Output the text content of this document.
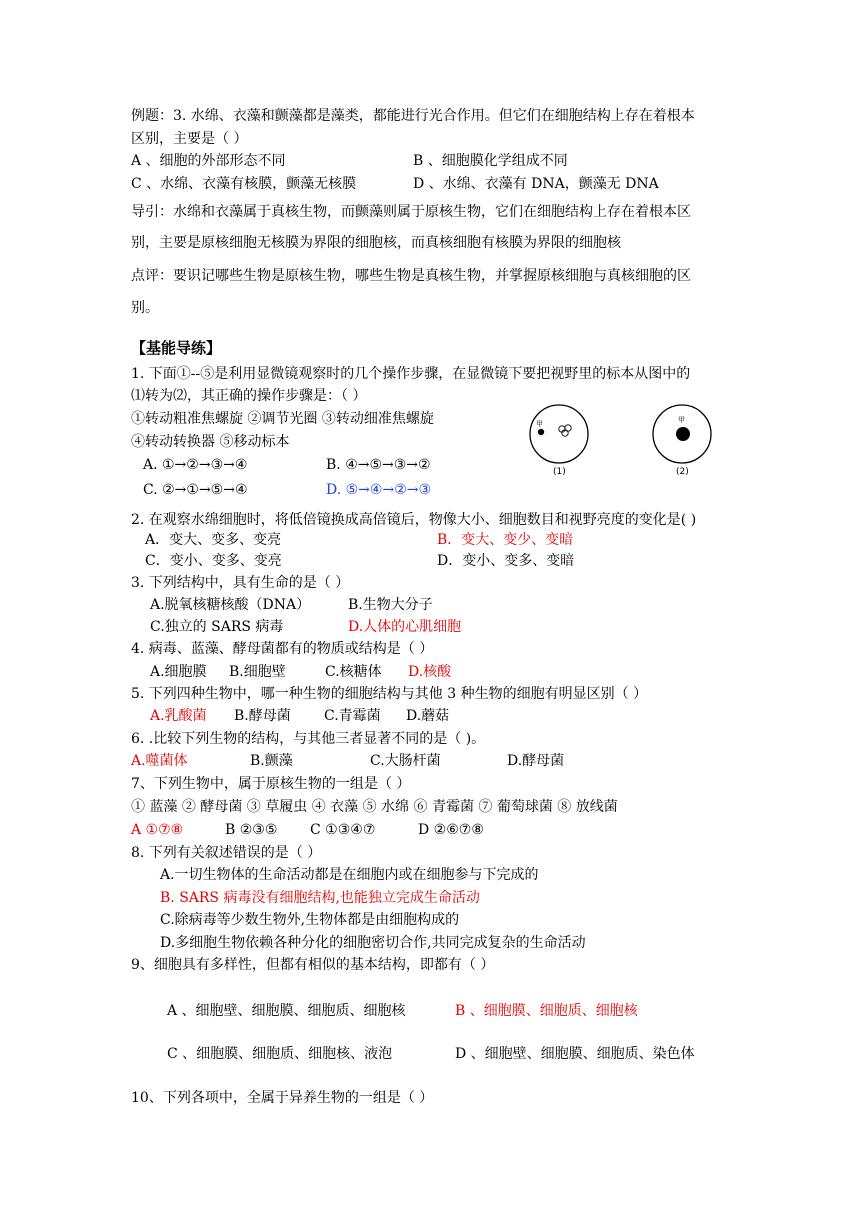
例题：3. 水绵、衣藻和颤藻都是藻类，都能进行光合作用。但它们在细胞结构上存在着根本
区别，主要是（ ）
A 、细胞的外部形态不同	B 、细胞膜化学组成不同
C 、水绵、衣藻有核膜，颤藻无核膜	D 、水绵、衣藻有 DNA，颤藻无 DNA
导引：水绵和衣藻属于真核生物，而颤藻则属于原核生物，它们在细胞结构上存在着根本区
别，主要是原核细胞无核膜为界限的细胞核，而真核细胞有核膜为界限的细胞核
点评：要识记哪些生物是原核生物，哪些生物是真核生物，并掌握原核细胞与真核细胞的区
别。
【基能导练】
1. 下面①--⑤是利用显微镜观察时的几个操作步骤，在显微镜下要把视野里的标本从图中的
⑴转为⑵，其正确的操作步骤是：（ ）
①转动粗准焦螺旋 ②调节光圈 ③转动细准焦螺旋
④转动转换器 ⑤移动标本
A. ①→②→③→④	B. ④→⑤→③→②
C. ②→①→⑤→④	D. ⑤→④→②→③
甲
(1)
甲
(2)
2. 在观察水绵细胞时，将低倍镜换成高倍镜后，物像大小、细胞数目和视野亮度的变化是( )
A．变大、变多、变亮	B．变大、变少、变暗
C．变小、变多、变亮	D．变小、变多、变暗
3. 下列结构中，具有生命的是（ ）
A.脱氧核糖核酸（DNA）	B.生物大分子
C.独立的 SARS 病毒	D.人体的心肌细胞
4. 病毒、蓝藻、酵母菌都有的物质或结构是（ ）
A.细胞膜 B.细胞壁	C.核糖体 D.核酸
5. 下列四种生物中，哪一种生物的细胞结构与其他 3 种生物的细胞有明显区别（ ）
A.乳酸菌 B.酵母菌 C.青霉菌 D.蘑菇
6. .比较下列生物的结构，与其他三者显著不同的是（ )。
A.噬菌体	B.颤藻	C.大肠杆菌	D.酵母菌
7、下列生物中，属于原核生物的一组是（ ）
① 蓝藻 ② 酵母菌 ③ 草履虫 ④ 衣藻 ⑤ 水绵 ⑥ 青霉菌 ⑦ 葡萄球菌 ⑧ 放线菌
A ①⑦⑧	B ②③⑤ C ①③④⑦	D ②⑥⑦⑧
8. 下列有关叙述错误的是（ ）
A.一切生物体的生命活动都是在细胞内或在细胞参与下完成的
B. SARS 病毒没有细胞结构,也能独立完成生命活动
C.除病毒等少数生物外,生物体都是由细胞构成的
D.多细胞生物依赖各种分化的细胞密切合作,共同完成复杂的生命活动
9、细胞具有多样性，但都有相似的基本结构，即都有（ ）
A 、细胞壁、细胞膜、细胞质、细胞核	B 、细胞膜、细胞质、细胞核
C 、细胞膜、细胞质、细胞核、液泡	D 、细胞壁、细胞膜、细胞质、染色体
10、下列各项中，全属于异养生物的一组是（ ）
